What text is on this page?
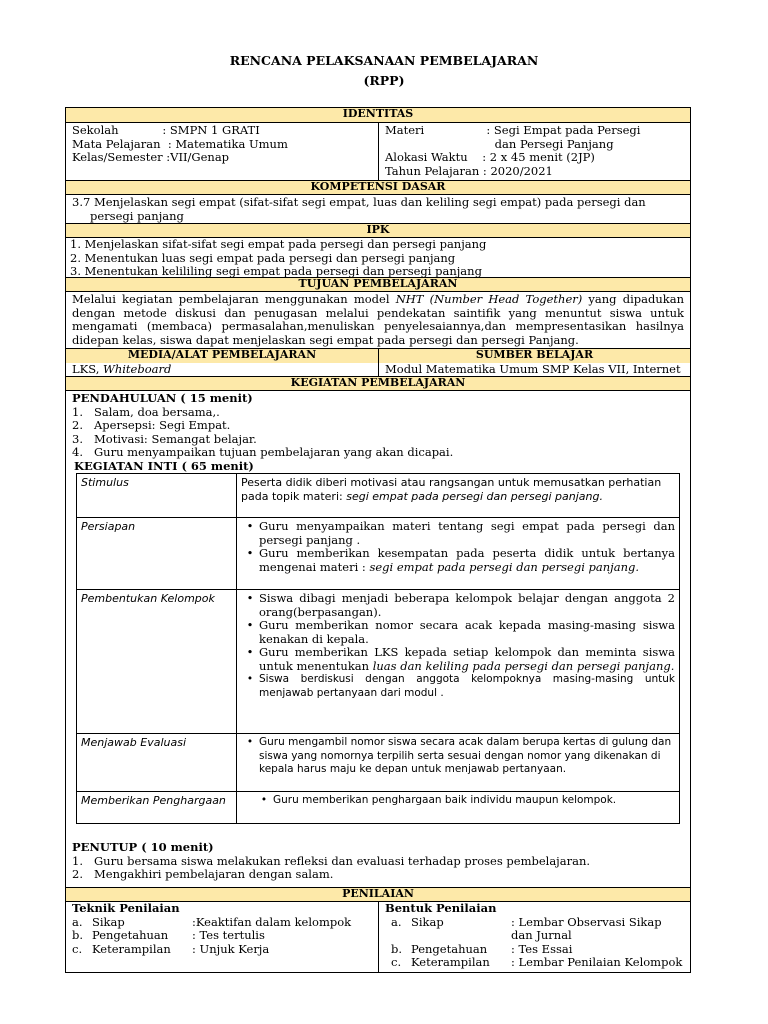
RENCANA PELAKSANAAN PEMBELAJARAN
(RPP)
IDENTITAS
Sekolah : SMPN 1 GRATI
Mata Pelajaran : Matematika Umum
Kelas/Semester :VII/Genap
Materi : Segi Empat pada Persegi

dan Persegi Panjang
Alokasi Waktu : 2 x 45 menit (2JP)
Tahun Pelajaran : 2020/2021
KOMPETENSI DASAR
3.7 Menjelaskan segi empat (sifat-sifat segi empat, luas dan keliling segi empat) pada persegi dan persegi panjang
IPK
1. Menjelaskan sifat-sifat segi empat pada persegi dan persegi panjang
2. Menentukan luas segi empat pada persegi dan persegi panjang
3. Menentukan kelililing segi empat pada persegi dan persegi panjang
TUJUAN PEMBELAJARAN
Melalui kegiatan pembelajaran menggunakan model NHT (Number Head Together) yang dipadukan dengan metode diskusi dan penugasan melalui pendekatan saintifik yang menuntut siswa untuk mengamati (membaca) permasalahan,menuliskan penyelesaiannya,dan mempresentasikan hasilnya didepan kelas, siswa dapat menjelaskan segi empat pada persegi dan persegi Panjang.
MEDIA/ALAT PEMBELAJARAN	SUMBER BELAJAR
LKS, Whiteboard	Modul Matematika Umum SMP Kelas VII, Internet
KEGIATAN PEMBELAJARAN
PENDAHULUAN ( 15 menit)
1. Salam, doa bersama,.
2. Apersepsi: Segi Empat.
3. Motivasi: Semangat belajar.
4. Guru menyampaikan tujuan pembelajaran yang akan dicapai.
KEGIATAN INTI ( 65 menit)
Stimulus	Peserta didik diberi motivasi atau rangsangan untuk memusatkan perhatian pada topik materi: segi empat pada persegi dan persegi panjang.
Persiapan	• Guru menyampaikan materi tentang segi empat pada persegi dan persegi panjang .
• Guru memberikan kesempatan pada peserta didik untuk bertanya mengenai materi : segi empat pada persegi dan persegi panjang.
Pembentukan Kelompok	• Siswa dibagi menjadi beberapa kelompok belajar dengan anggota 2 orang(berpasangan).
• Guru memberikan nomor secara acak kepada masing-masing siswa kenakan di kepala.
• Guru memberikan LKS kepada setiap kelompok dan meminta siswa untuk menentukan luas dan keliling pada persegi dan persegi panjang.
• Siswa berdiskusi dengan anggota kelompoknya masing-masing untuk menjawab pertanyaan dari modul .
Menjawab Evaluasi	• Guru mengambil nomor siswa secara acak dalam berupa kertas di gulung dan siswa yang nomornya terpilih serta sesuai dengan nomor yang dikenakan di kepala harus maju ke depan untuk menjawab pertanyaan.
Memberikan Penghargaan	• Guru memberikan penghargaan baik individu maupun kelompok.
PENUTUP ( 10 menit)
1. Guru bersama siswa melakukan refleksi dan evaluasi terhadap proses pembelajaran.
2. Mengakhiri pembelajaran dengan salam.
PENILAIAN
Teknik Penilaian
a. Sikap	:Keaktifan dalam kelompok
b. Pengetahuan	: Tes tertulis
c. Keterampilan	: Unjuk Kerja
Bentuk Penilaian
a. Sikap	: Lembar Observasi Sikap dan Jurnal
b. Pengetahuan	: Tes Essai
c. Keterampilan	: Lembar Penilaian Kelompok
